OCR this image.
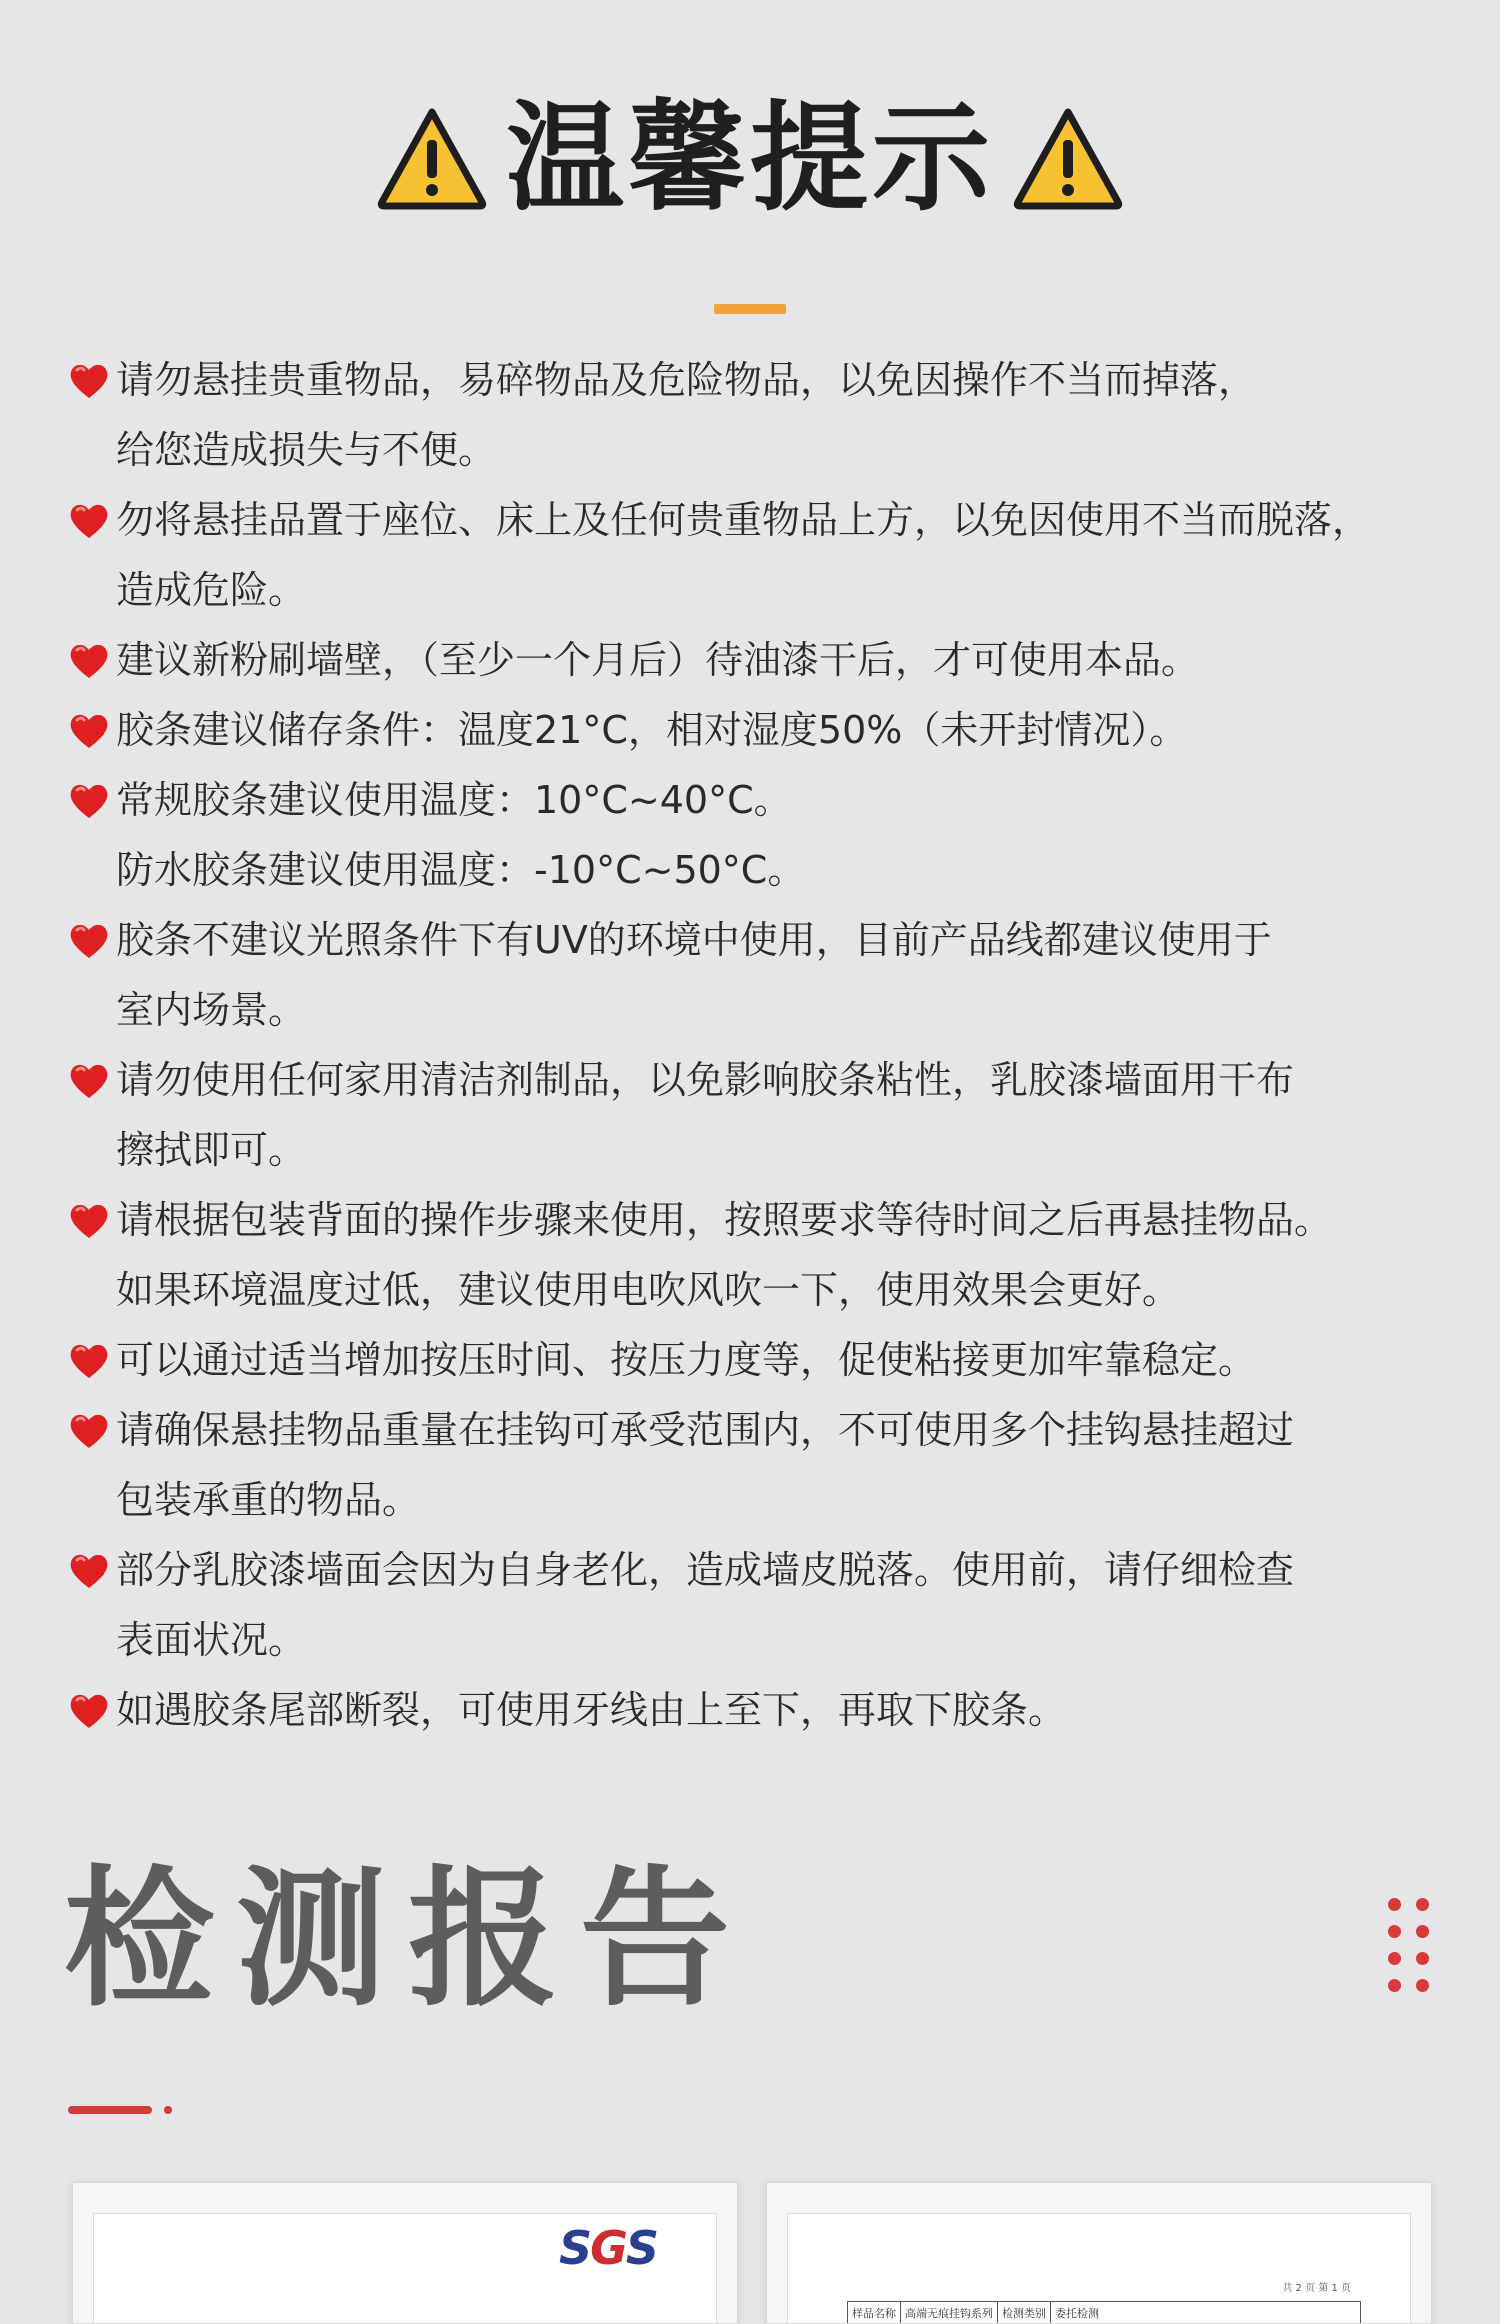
温馨提示
请勿悬挂贵重物品，易碎物品及危险物品，以免因操作不当而掉落，
给您造成损失与不便。
勿将悬挂品置于座位、床上及任何贵重物品上方，以免因使用不当而脱落，
造成危险。
建议新粉刷墙壁，（至少一个月后）待油漆干后，才可使用本品。
胶条建议储存条件：温度21°C，相对湿度50%（未开封情况）。
常规胶条建议使用温度：10°C~40°C。
防水胶条建议使用温度：-10°C~50°C。
胶条不建议光照条件下有UV的环境中使用，目前产品线都建议使用于
室内场景。
请勿使用任何家用清洁剂制品，以免影响胶条粘性，乳胶漆墙面用干布
擦拭即可。
请根据包装背面的操作步骤来使用，按照要求等待时间之后再悬挂物品。
如果环境温度过低，建议使用电吹风吹一下，使用效果会更好。
可以通过适当增加按压时间、按压力度等，促使粘接更加牢靠稳定。
请确保悬挂物品重量在挂钩可承受范围内，不可使用多个挂钩悬挂超过
包装承重的物品。
部分乳胶漆墙面会因为自身老化，造成墙皮脱落。使用前，请仔细检查
表面状况。
如遇胶条尾部断裂，可使用牙线由上至下，再取下胶条。
检测报告
SGS
共 2 页 第 1 页
样品名称 高端无痕挂钩系列 检测类别 委托检测
